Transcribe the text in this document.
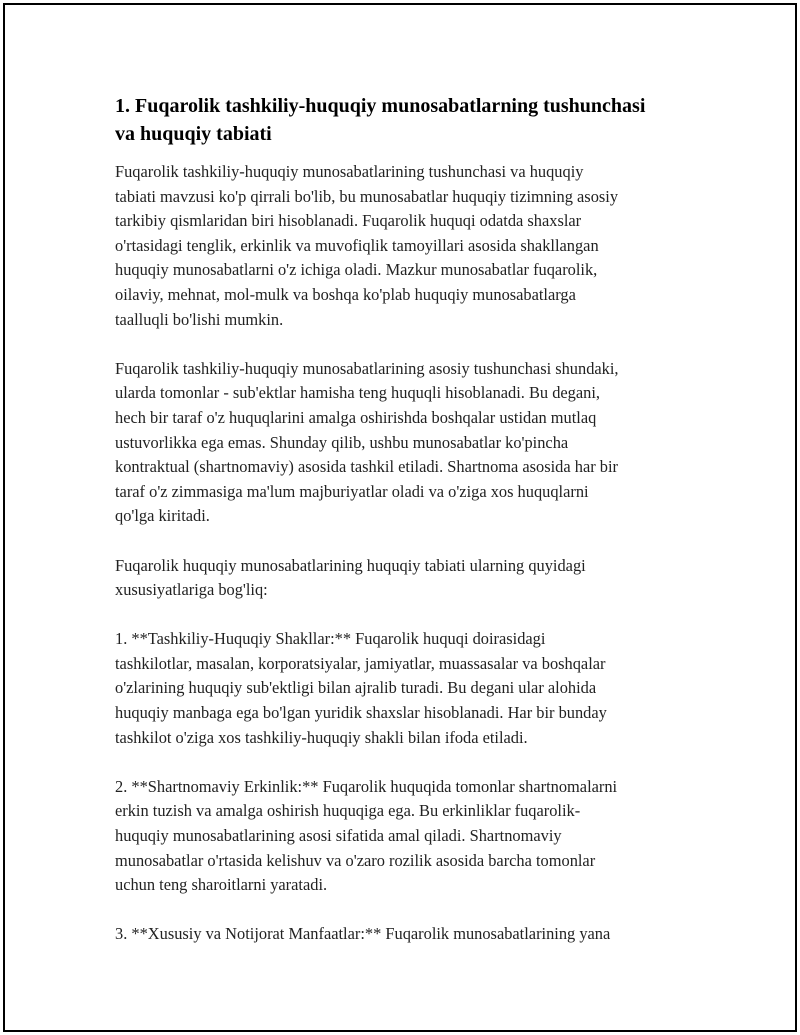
1. Fuqarolik tashkiliy-huquqiy munosabatlarning tushunchasi
va huquqiy tabiati

Fuqarolik tashkiliy-huquqiy munosabatlarining tushunchasi va huquqiy
tabiati mavzusi ko'p qirrali bo'lib, bu munosabatlar huquqiy tizimning asosiy
tarkibiy qismlaridan biri hisoblanadi. Fuqarolik huquqi odatda shaxslar
o'rtasidagi tenglik, erkinlik va muvofiqlik tamoyillari asosida shakllangan
huquqiy munosabatlarni o'z ichiga oladi. Mazkur munosabatlar fuqarolik,
oilaviy, mehnat, mol-mulk va boshqa ko'plab huquqiy munosabatlarga
taalluqli bo'lishi mumkin.

Fuqarolik tashkiliy-huquqiy munosabatlarining asosiy tushunchasi shundaki,
ularda tomonlar - sub'ektlar hamisha teng huquqli hisoblanadi. Bu degani,
hech bir taraf o'z huquqlarini amalga oshirishda boshqalar ustidan mutlaq
ustuvorlikka ega emas. Shunday qilib, ushbu munosabatlar ko'pincha
kontraktual (shartnomaviy) asosida tashkil etiladi. Shartnoma asosida har bir
taraf o'z zimmasiga ma'lum majburiyatlar oladi va o'ziga xos huquqlarni
qo'lga kiritadi.

Fuqarolik huquqiy munosabatlarining huquqiy tabiati ularning quyidagi
xususiyatlariga bog'liq:

1. **Tashkiliy-Huquqiy Shakllar:** Fuqarolik huquqi doirasidagi
tashkilotlar, masalan, korporatsiyalar, jamiyatlar, muassasalar va boshqalar
o'zlarining huquqiy sub'ektligi bilan ajralib turadi. Bu degani ular alohida
huquqiy manbaga ega bo'lgan yuridik shaxslar hisoblanadi. Har bir bunday
tashkilot o'ziga xos tashkiliy-huquqiy shakli bilan ifoda etiladi.

2. **Shartnomaviy Erkinlik:** Fuqarolik huquqida tomonlar shartnomalarni
erkin tuzish va amalga oshirish huquqiga ega. Bu erkinliklar fuqarolik-
huquqiy munosabatlarining asosi sifatida amal qiladi. Shartnomaviy
munosabatlar o'rtasida kelishuv va o'zaro rozilik asosida barcha tomonlar
uchun teng sharoitlarni yaratadi.

3. **Xususiy va Notijorat Manfaatlar:** Fuqarolik munosabatlarining yana
